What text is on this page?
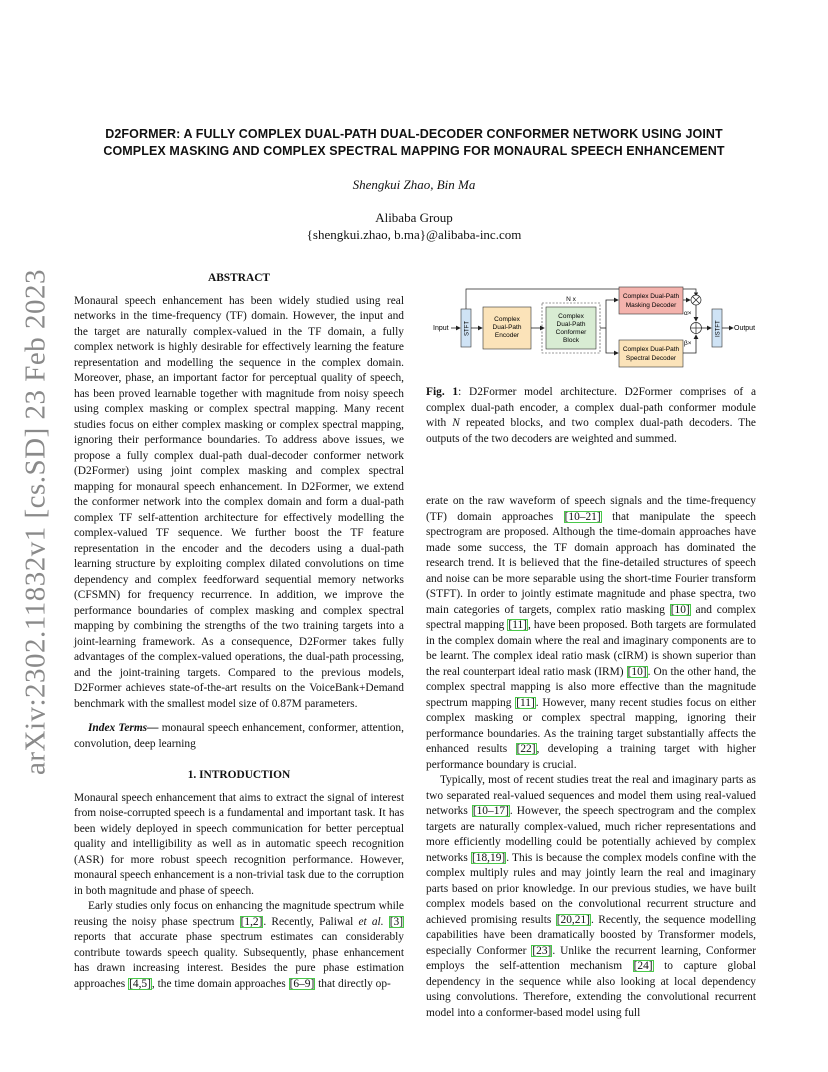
arXiv:2302.11832v1 [cs.SD] 23 Feb 2023
D2FORMER: A FULLY COMPLEX DUAL-PATH DUAL-DECODER CONFORMER NETWORK USING JOINT
COMPLEX MASKING AND COMPLEX SPECTRAL MAPPING FOR MONAURAL SPEECH ENHANCEMENT
Shengkui Zhao, Bin Ma
Alibaba Group
{shengkui.zhao, b.ma}@alibaba-inc.com
ABSTRACT

Monaural speech enhancement has been widely studied using real networks in the time-frequency (TF) domain. However, the input and the target are naturally complex-valued in the TF domain, a fully complex network is highly desirable for effectively learning the feature representation and modelling the sequence in the complex domain. Moreover, phase, an important factor for perceptual quality of speech, has been proved learnable together with magnitude from noisy speech using complex masking or complex spectral mapping. Many recent studies focus on either complex masking or complex spectral mapping, ignoring their performance boundaries. To address above issues, we propose a fully complex dual-path dual-decoder conformer network (D2Former) using joint complex masking and complex spectral mapping for monaural speech enhancement. In D2Former, we extend the conformer network into the complex domain and form a dual-path complex TF self-attention architecture for effectively modelling the complex-valued TF sequence. We further boost the TF feature representation in the encoder and the decoders using a dual-path learning structure by exploiting complex dilated convolutions on time dependency and complex feedforward sequential memory networks (CFSMN) for frequency recurrence. In addition, we improve the performance boundaries of complex masking and complex spectral mapping by combining the strengths of the two training targets into a joint-learning framework. As a consequence, D2Former takes fully advantages of the complex-valued operations, the dual-path processing, and the joint-training targets. Compared to the previous models, D2Former achieves state-of-the-art results on the VoiceBank+Demand benchmark with the smallest model size of 0.87M parameters.

Index Terms— monaural speech enhancement, conformer, attention, convolution, deep learning

1. INTRODUCTION

Monaural speech enhancement that aims to extract the signal of interest from noise-corrupted speech is a fundamental and important task. It has been widely deployed in speech communication for better perceptual quality and intelligibility as well as in automatic speech recognition (ASR) for more robust speech recognition performance. However, monaural speech enhancement is a non-trivial task due to the corruption in both magnitude and phase of speech.

Early studies only focus on enhancing the magnitude spectrum while reusing the noisy phase spectrum [1,2]. Recently, Paliwal et al. [3] reports that accurate phase spectrum estimates can considerably contribute towards speech quality. Subsequently, phase enhancement has drawn increasing interest. Besides the pure phase estimation approaches [4,5], the time domain approaches [6–9] that directly op-

Input	STFT
Complex
Dual-Path
Encoder
N x
Complex
Dual-Path
Conformer
Block
Complex Dual-Path
Masking Decoder
Complex Dual-Path
Spectral Decoder
α×
β×
ISTFT Output
Fig. 1: D2Former model architecture. D2Former comprises of a complex dual-path encoder, a complex dual-path conformer module with N repeated blocks, and two complex dual-path decoders. The outputs of the two decoders are weighted and summed.

erate on the raw waveform of speech signals and the time-frequency (TF) domain approaches [10–21] that manipulate the speech spectrogram are proposed. Although the time-domain approaches have made some success, the TF domain approach has dominated the research trend. It is believed that the fine-detailed structures of speech and noise can be more separable using the short-time Fourier transform (STFT). In order to jointly estimate magnitude and phase spectra, two main categories of targets, complex ratio masking [10] and complex spectral mapping [11], have been proposed. Both targets are formulated in the complex domain where the real and imaginary components are to be learnt. The complex ideal ratio mask (cIRM) is shown superior than the real counterpart ideal ratio mask (IRM) [10]. On the other hand, the complex spectral mapping is also more effective than the magnitude spectrum mapping [11]. However, many recent studies focus on either complex masking or complex spectral mapping, ignoring their performance boundaries. As the training target substantially affects the enhanced results [22], developing a training target with higher performance boundary is crucial.

Typically, most of recent studies treat the real and imaginary parts as two separated real-valued sequences and model them using real-valued networks [10–17]. However, the speech spectrogram and the complex targets are naturally complex-valued, much richer representations and more efficiently modelling could be potentially achieved by complex networks [18,19]. This is because the complex models confine with the complex multiply rules and may jointly learn the real and imaginary parts based on prior knowledge. In our previous studies, we have built complex models based on the convolutional recurrent structure and achieved promising results [20,21]. Recently, the sequence modelling capabilities have been dramatically boosted by Transformer models, especially Conformer [23]. Unlike the recurrent learning, Conformer employs the self-attention mechanism [24] to capture global dependency in the sequence while also looking at local dependency using convolutions. Therefore, extending the convolutional recurrent model into a conformer-based model using full
